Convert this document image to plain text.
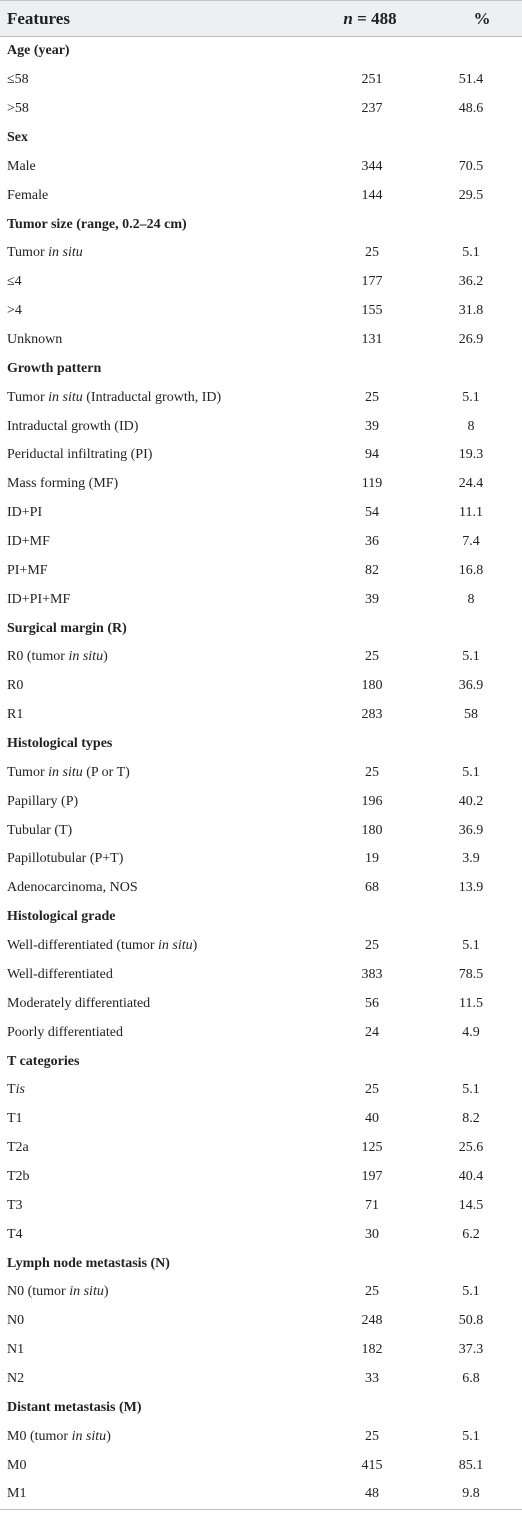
Features	n = 488	%
Age (year)
≤58	251	51.4
>58	237	48.6
Sex
Male	344	70.5
Female	144	29.5
Tumor size (range, 0.2–24 cm)
Tumor in situ	25	5.1
≤4	177	36.2
>4	155	31.8
Unknown	131	26.9
Growth pattern
Tumor in situ (Intraductal growth, ID)	25	5.1
Intraductal growth (ID)	39	8
Periductal infiltrating (PI)	94	19.3
Mass forming (MF)	119	24.4
ID+PI	54	11.1
ID+MF	36	7.4
PI+MF	82	16.8
ID+PI+MF	39	8
Surgical margin (R)
R0 (tumor in situ )	25	5.1
R0	180	36.9
R1	283	58
Histological types
Tumor in situ (P or T)	25	5.1
Papillary (P)	196	40.2
Tubular (T)	180	36.9
Papillotubular (P+T)	19	3.9
Adenocarcinoma, NOS	68	13.9
Histological grade
Well-differentiated (tumor in situ )	25	5.1
Well-differentiated	383	78.5
Moderately differentiated	56	11.5
Poorly differentiated	24	4.9
T categories
T is	25	5.1
T1	40	8.2
T2a	125	25.6
T2b	197	40.4
T3	71	14.5
T4	30	6.2
Lymph node metastasis (N)
N0 (tumor in situ )	25	5.1
N0	248	50.8
N1	182	37.3
N2	33	6.8
Distant metastasis (M)
M0 (tumor in situ )	25	5.1
M0	415	85.1
M1	48	9.8
